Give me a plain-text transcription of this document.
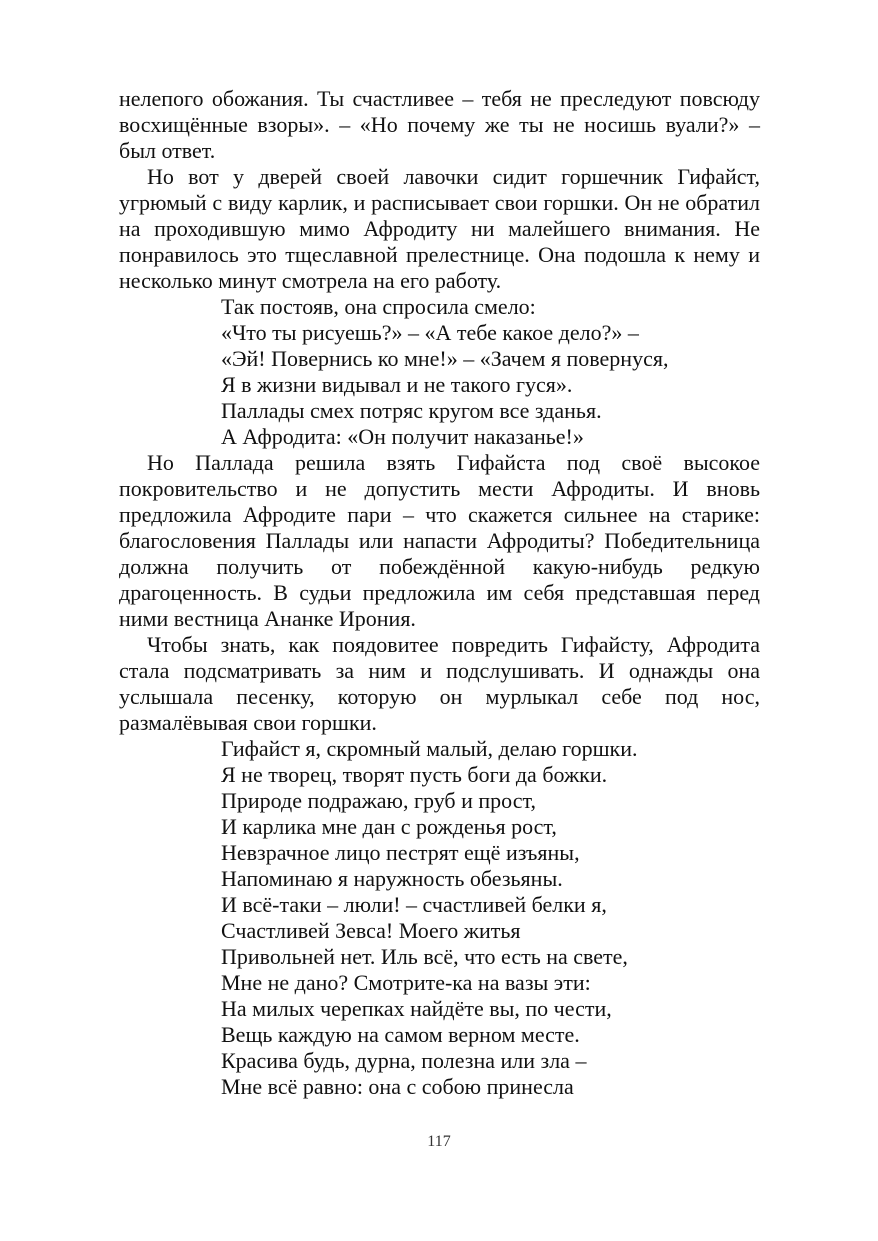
нелепого обожания. Ты счастливее – тебя не преследуют повсюду восхищённые взоры». – «Но почему же ты не носишь вуали?» – был ответ.

Но вот у дверей своей лавочки сидит горшечник Гифайст, угрюмый с виду карлик, и расписывает свои горшки. Он не обратил на проходившую мимо Афродиту ни малейшего внимания. Не понравилось это тщеславной прелестнице. Она подошла к нему и несколько минут смотрела на его работу.

Так постояв, она спросила смело:
«Что ты рисуешь?» – «А тебе какое дело?» –
«Эй! Повернись ко мне!» – «Зачем я повернуся,
Я в жизни видывал и не такого гуся».
Паллады смех потряс кругом все зданья.
А Афродита: «Он получит наказанье!»

Но Паллада решила взять Гифайста под своё высокое покровительство и не допустить мести Афродиты. И вновь предложила Афродите пари – что скажется сильнее на старике: благословения Паллады или напасти Афродиты? Победительница должна получить от побеждённой какую-нибудь редкую драгоценность. В судьи предложила им себя представшая перед ними вестница Ананке Ирония.

Чтобы знать, как пoядовитее повредить Гифайсту, Афродита стала подсматривать за ним и подслушивать. И однажды она услышала песенку, которую он мурлыкал себе под нос, размалёвывая свои горшки.

Гифайст я, скромный малый, делаю горшки.
Я не творец, творят пусть боги да божки.
Природе подражаю, груб и прост,
И карлика мне дан с рожденья рост,
Невзрачное лицо пестрят ещё изъяны,
Напоминаю я наружность обезьяны.
И всё-таки – люли! – счастливей белки я,
Счастливей Зевса! Моего житья
Привольней нет. Иль всё, что есть на свете,
Мне не дано? Смотрите-ка на вазы эти:
На милых черепках найдёте вы, по чести,
Вещь каждую на самом верном месте.
Красива будь, дурна, полезна или зла –
Мне всё равно: она с собою принесла
117
